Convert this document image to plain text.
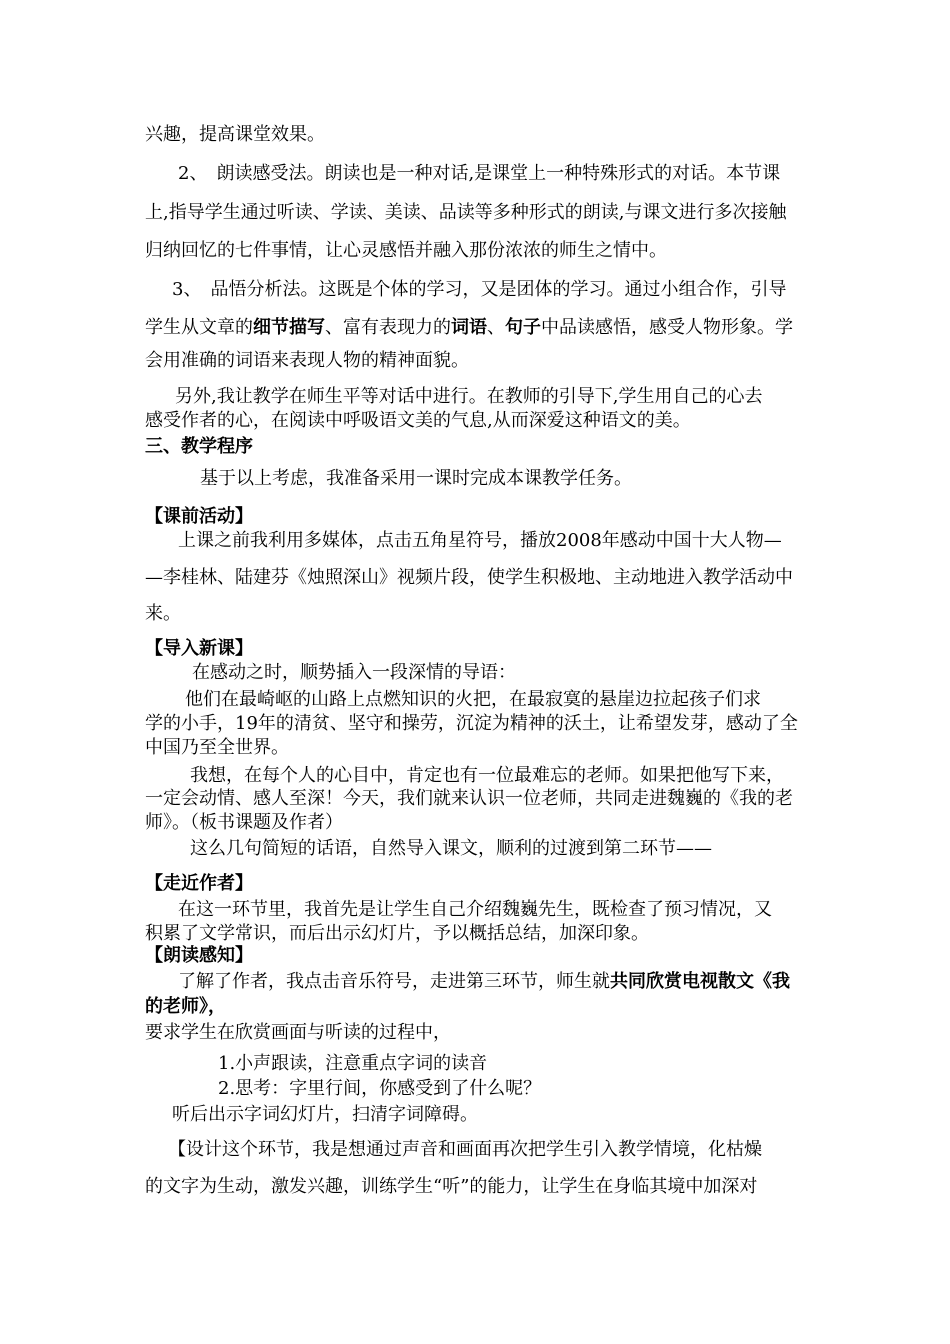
兴趣，提高课堂效果。
2、　朗读感受法。朗读也是一种对话,是课堂上一种特殊形式的对话。本节课
上,指导学生通过听读、学读、美读、品读等多种形式的朗读,与课文进行多次接触
归纳回忆的七件事情，让心灵感悟并融入那份浓浓的师生之情中。
3、　品悟分析法。这既是个体的学习，又是团体的学习。通过小组合作，引导
学生从文章的细节描写、富有表现力的词语、句子中品读感悟，感受人物形象。学
会用准确的词语来表现人物的精神面貌。
另外,我让教学在师生平等对话中进行。在教师的引导下,学生用自己的心去
感受作者的心，在阅读中呼吸语文美的气息,从而深爱这种语文的美。
三、教学程序
基于以上考虑，我准备采用一课时完成本课教学任务。
【课前活动】
上课之前我利用多媒体，点击五角星符号，播放2008年感动中国十大人物—
—李桂林、陆建芬《烛照深山》视频片段，使学生积极地、主动地进入教学活动中
来。
【导入新课】
在感动之时，顺势插入一段深情的导语：
他们在最崎岖的山路上点燃知识的火把，在最寂寞的悬崖边拉起孩子们求
学的小手，19年的清贫、坚守和操劳，沉淀为精神的沃土，让希望发芽，感动了全
中国乃至全世界。
我想，在每个人的心目中，肯定也有一位最难忘的老师。如果把他写下来，
一定会动情、感人至深！今天，我们就来认识一位老师，共同走进魏巍的《我的老
师》。（板书课题及作者）
这么几句简短的话语，自然导入课文，顺利的过渡到第二环节——
【走近作者】
在这一环节里，我首先是让学生自己介绍魏巍先生，既检查了预习情况，又
积累了文学常识，而后出示幻灯片，予以概括总结，加深印象。
【朗读感知】
了解了作者，我点击音乐符号，走进第三环节，师生就共同欣赏电视散文《我
的老师》，
要求学生在欣赏画面与听读的过程中，
1.小声跟读，注意重点字词的读音
2.思考：字里行间，你感受到了什么呢？
听后出示字词幻灯片，扫清字词障碍。
【设计这个环节，我是想通过声音和画面再次把学生引入教学情境，化枯燥
的文字为生动，激发兴趣，训练学生“听”的能力，让学生在身临其境中加深对
